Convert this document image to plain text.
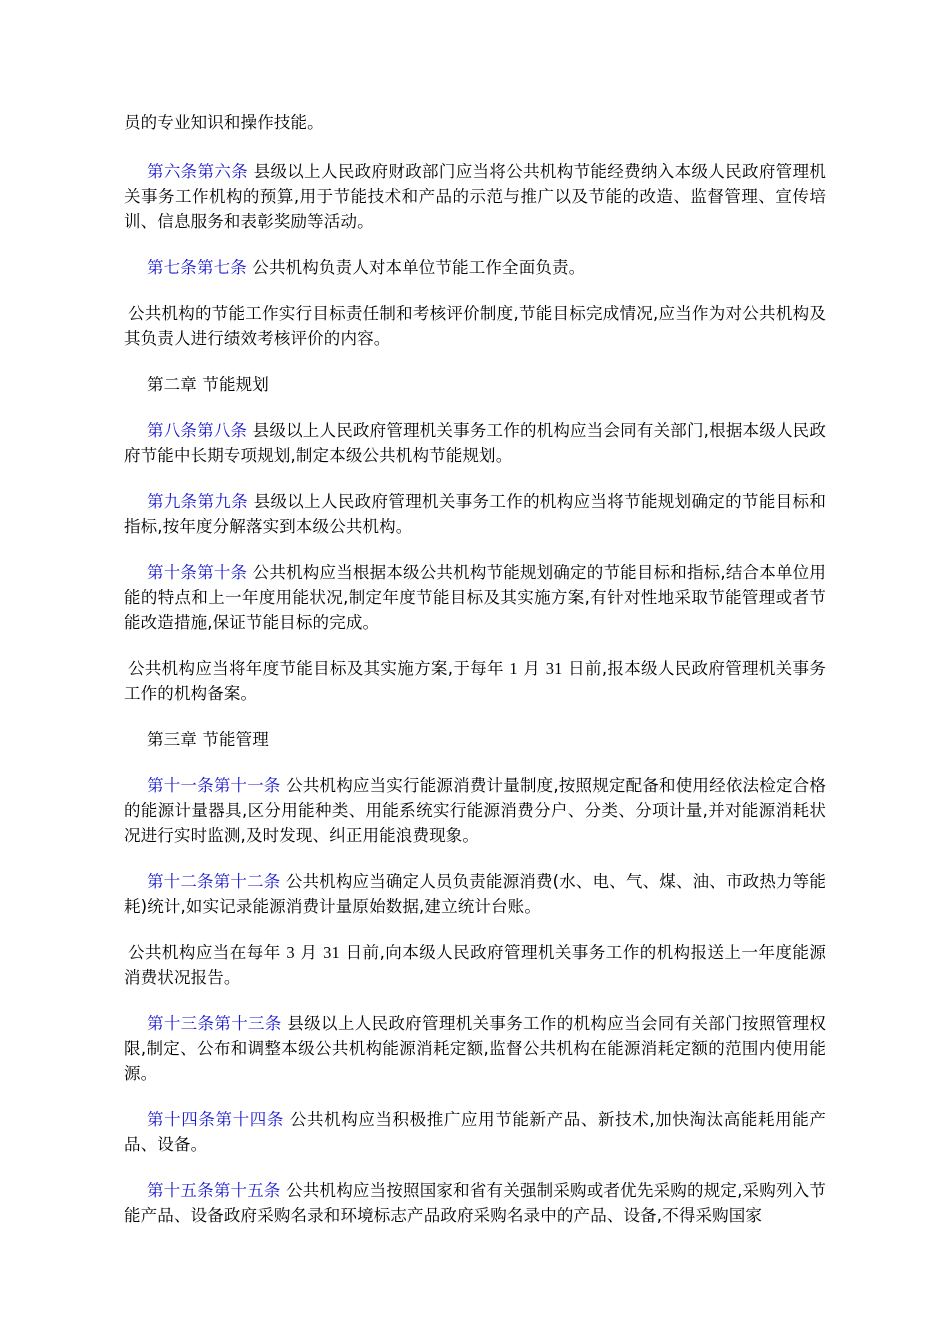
员的专业知识和操作技能。

第六条第六条 县级以上人民政府财政部门应当将公共机构节能经费纳入本级人民政府管理机关事务工作机构的预算,用于节能技术和产品的示范与推广以及节能的改造、监督管理、宣传培训、信息服务和表彰奖励等活动。

第七条第七条 公共机构负责人对本单位节能工作全面负责。

公共机构的节能工作实行目标责任制和考核评价制度,节能目标完成情况,应当作为对公共机构及其负责人进行绩效考核评价的内容。

第二章 节能规划

第八条第八条 县级以上人民政府管理机关事务工作的机构应当会同有关部门,根据本级人民政府节能中长期专项规划,制定本级公共机构节能规划。

第九条第九条 县级以上人民政府管理机关事务工作的机构应当将节能规划确定的节能目标和指标,按年度分解落实到本级公共机构。

第十条第十条 公共机构应当根据本级公共机构节能规划确定的节能目标和指标,结合本单位用能的特点和上一年度用能状况,制定年度节能目标及其实施方案,有针对性地采取节能管理或者节能改造措施,保证节能目标的完成。

公共机构应当将年度节能目标及其实施方案,于每年 1 月 31 日前,报本级人民政府管理机关事务工作的机构备案。

第三章 节能管理

第十一条第十一条 公共机构应当实行能源消费计量制度,按照规定配备和使用经依法检定合格的能源计量器具,区分用能种类、用能系统实行能源消费分户、分类、分项计量,并对能源消耗状况进行实时监测,及时发现、纠正用能浪费现象。

第十二条第十二条 公共机构应当确定人员负责能源消费(水、电、气、煤、油、市政热力等能耗)统计,如实记录能源消费计量原始数据,建立统计台账。

公共机构应当在每年 3 月 31 日前,向本级人民政府管理机关事务工作的机构报送上一年度能源消费状况报告。

第十三条第十三条 县级以上人民政府管理机关事务工作的机构应当会同有关部门按照管理权限,制定、公布和调整本级公共机构能源消耗定额,监督公共机构在能源消耗定额的范围内使用能源。

第十四条第十四条 公共机构应当积极推广应用节能新产品、新技术,加快淘汰高能耗用能产品、设备。

第十五条第十五条 公共机构应当按照国家和省有关强制采购或者优先采购的规定,采购列入节能产品、设备政府采购名录和环境标志产品政府采购名录中的产品、设备,不得采购国家
